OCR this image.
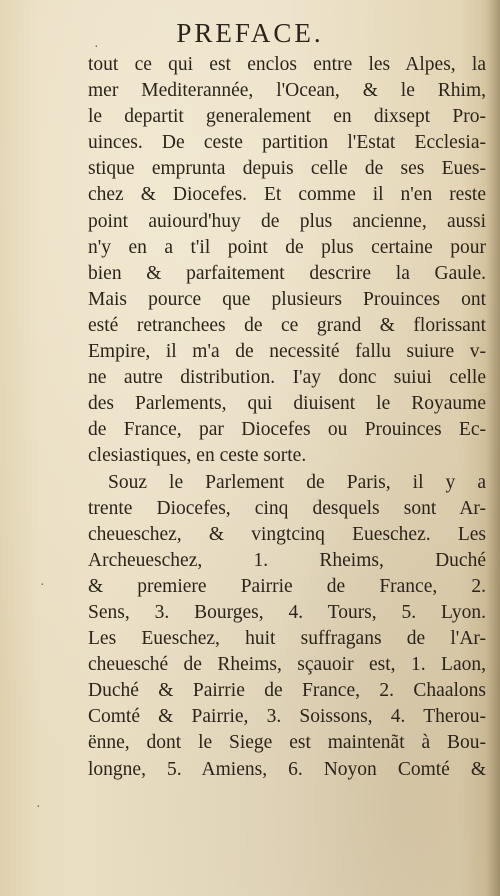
PREFACE.
·
·
·
tout ce qui est enclos entre les Alpes, la
mer Mediterannée, l'Ocean, & le Rhim,
le departit generalement en dixsept Pro-
uinces. De ceste partition l'Estat Ecclesia-
stique emprunta depuis celle de ses Eues-
chez & Diocefes. Et comme il n'en reste
point auiourd'huy de plus ancienne, aussi
n'y en a t'il point de plus certaine pour
bien & parfaitement descrire la Gaule.
Mais pource que plusieurs Prouinces ont
esté retranchees de ce grand & florissant
Empire, il m'a de necessité fallu suiure v-
ne autre distribution. I'ay donc suiui celle
des Parlements, qui diuisent le Royaume
de France, par Diocefes ou Prouinces Ec-
clesiastiques, en ceste sorte.
Souz le Parlement de Paris, il y a
trente Diocefes, cinq desquels sont Ar-
cheueschez, & vingtcinq Eueschez. Les
Archeueschez, 1. Rheims, Duché
& premiere Pairrie de France, 2.
Sens, 3. Bourges, 4. Tours, 5. Lyon.
Les Eueschez, huit suffragans de l'Ar-
cheuesché de Rheims, sçauoir est, 1. Laon,
Duché & Pairrie de France, 2. Chaalons
Comté & Pairrie, 3. Soissons, 4. Therou-
ënne, dont le Siege est maintenãt à Bou-
longne, 5. Amiens, 6. Noyon Comté &
